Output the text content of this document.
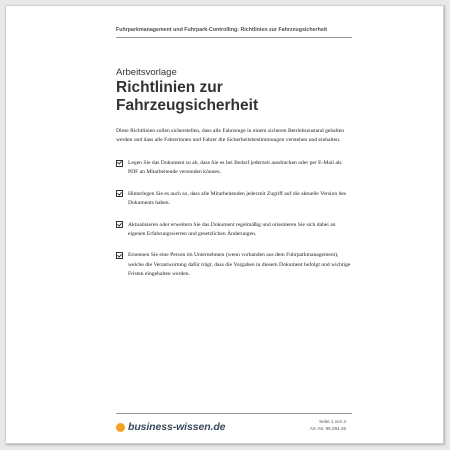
Fuhrparkmanagement und Fuhrpark-Controlling: Richtlinien zur Fahrzeugsicherheit
Arbeitsvorlage
Richtlinien zur Fahrzeugsicherheit
Diese Richtlinien sollen sicherstellen, dass alle Fahrzeuge in einem sicheren Betriebszustand gehalten werden und dass alle Fahrerinnen und Fahrer die Sicherheitsbestimmungen verstehen und einhalten.
Legen Sie das Dokument so ab, dass Sie es bei Bedarf jederzeit ausdrucken oder per E-Mail als PDF an Mitarbeitende versenden können.
Hinterlegen Sie es auch so, dass alle Mitarbeitenden jederzeit Zugriff auf die aktuelle Version des Dokuments haben.
Aktualisieren oder erweitern Sie das Dokument regelmäßig und orientieren Sie sich dabei an eigenen Erfahrungswerten und gesetzlichen Änderungen.
Ernennen Sie eine Person im Unternehmen (wenn vorhanden aus dem Fuhrparkmanagement), welche die Verantwortung dafür trägt, dass die Vorgaben in diesem Dokument befolgt und wichtige Fristen eingehalten werden.
business-wissen.de	Seite 1 von 3
Art.-Nr. 99.294.26
